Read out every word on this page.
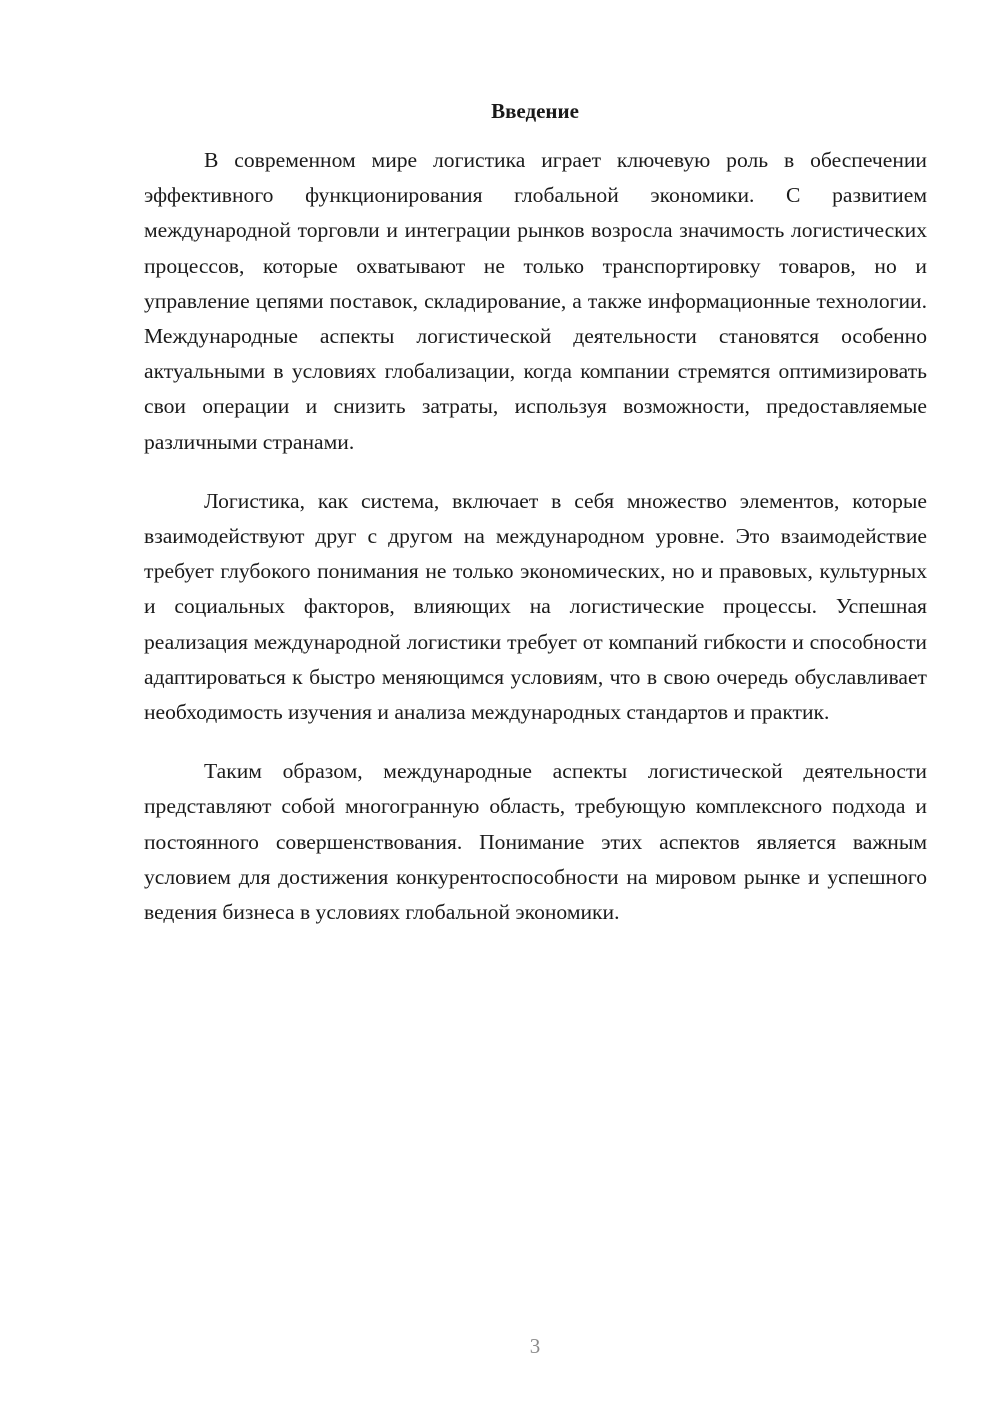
Введение

В современном мире логистика играет ключевую роль в обеспечении эффективного функционирования глобальной экономики. С развитием международной торговли и интеграции рынков возросла значимость логистических процессов, которые охватывают не только транспортировку товаров, но и управление цепями поставок, складирование, а также информационные технологии. Международные аспекты логистической деятельности становятся особенно актуальными в условиях глобализации, когда компании стремятся оптимизировать свои операции и снизить затраты, используя возможности, предоставляемые различными странами.

Логистика, как система, включает в себя множество элементов, которые взаимодействуют друг с другом на международном уровне. Это взаимодействие требует глубокого понимания не только экономических, но и правовых, культурных и социальных факторов, влияющих на логистические процессы. Успешная реализация международной логистики требует от компаний гибкости и способности адаптироваться к быстро меняющимся условиям, что в свою очередь обуславливает необходимость изучения и анализа международных стандартов и практик.

Таким образом, международные аспекты логистической деятельности представляют собой многогранную область, требующую комплексного подхода и постоянного совершенствования. Понимание этих аспектов является важным условием для достижения конкурентоспособности на мировом рынке и успешного ведения бизнеса в условиях глобальной экономики.

3
